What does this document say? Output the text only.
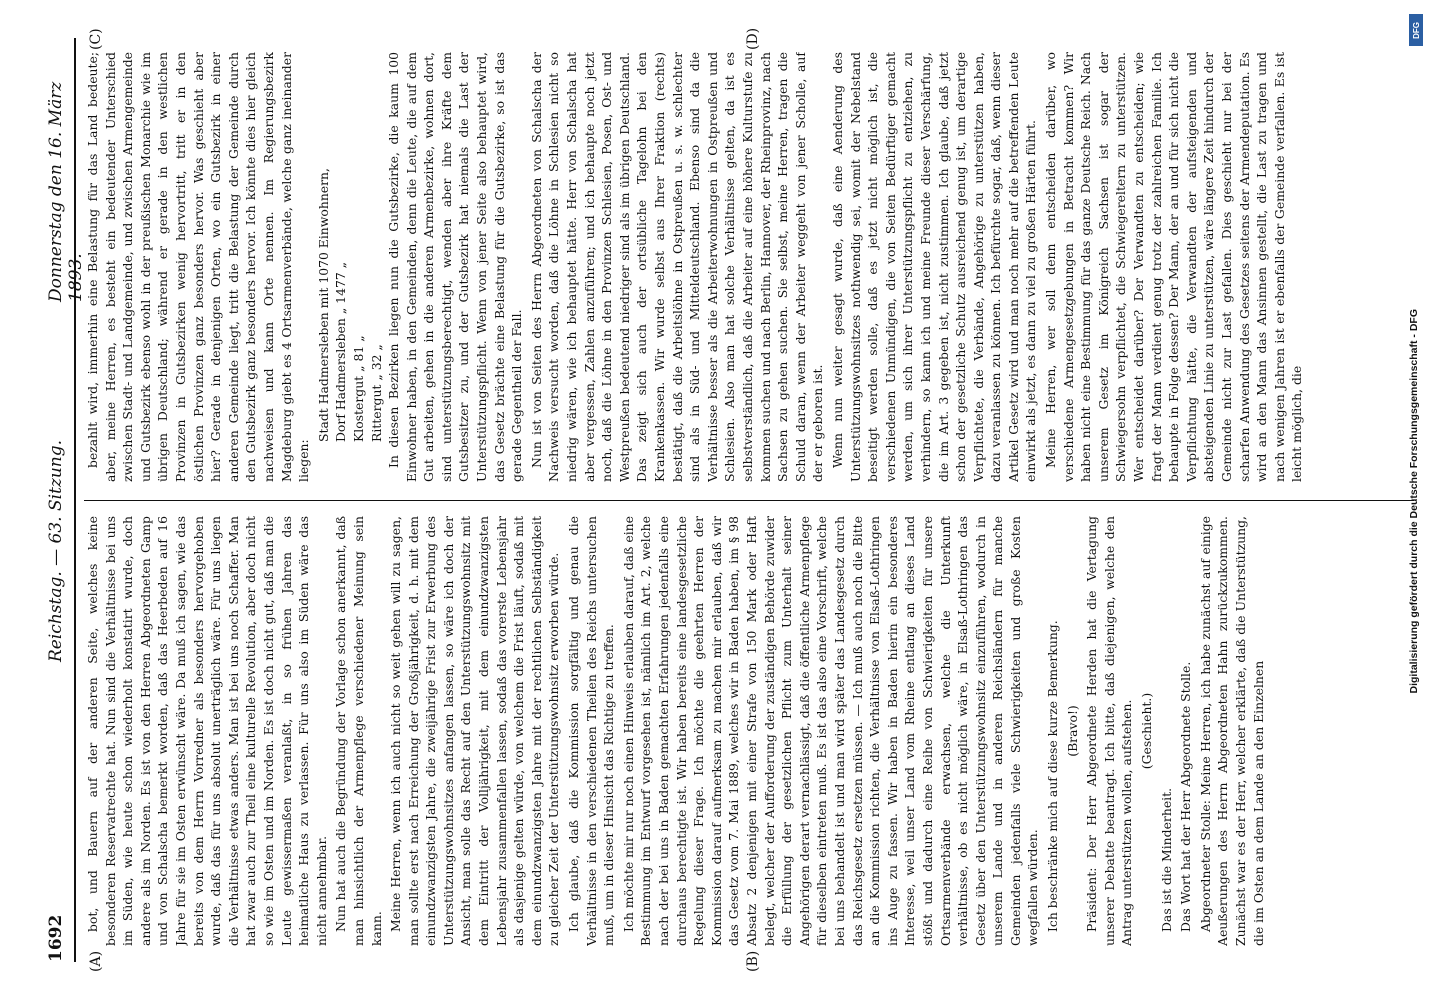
1692
Reichstag. — 63. Sitzung.
Donnerstag den 16. März 1893.
(A)	(B)
(C)	(D)

bot, und Bauern auf der anderen Seite, welches keine besonderen Reservatrechte hat. Nun sind die Verhältnisse bei uns im Süden, wie heute schon wiederholt konstatirt wurde, doch andere als im Norden. Es ist von den Herren Abgeordneten Gamp und von Schalscha bemerkt worden, daß das Heerbeden auf 16 Jahre für sie im Osten erwünscht wäre. Da muß ich sagen, wie das bereits von dem Herrn Vorredner als besonders hervorgehoben wurde, daß das für uns absolut unerträglich wäre. Für uns liegen die Verhältnisse etwas anders. Man ist bei uns noch Schaffer. Man hat zwar auch zur Theil eine kulturelle Revolution, aber doch nicht so wie im Osten und im Norden. Es ist doch nicht gut, daß man die Leute gewissermaßen veranlaßt, in so frühen Jahren das heimatliche Haus zu verlassen. Für uns also im Süden wäre das nicht annehmbar. Nun hat auch die Begründung der Vorlage schon anerkannt, daß man hinsichtlich der Armenpflege verschiedener Meinung sein kann. Meine Herren, wenn ich auch nicht so weit gehen will zu sagen, man sollte erst nach Erreichung der Großjährigkeit, d. h. mit dem einundzwanzigsten Jahre, die zweijährige Frist zur Erwerbung des Unterstützungswohnsitzes anfangen lassen, so wäre ich doch der Ansicht, man solle das Recht auf den Unterstützungswohnsitz mit dem Eintritt der Volljährigkeit, mit dem einundzwanzigsten Lebensjahr zusammenfallen lassen, sodaß das vorerste Lebensjahr als dasjenige gelten würde, von welchem die Frist läuft, sodaß mit dem einundzwanzigsten Jahre mit der rechtlichen Selbständigkeit zu gleicher Zeit der Unterstützungswohnsitz erworben würde. Ich glaube, daß die Kommission sorgfältig und genau die Verhältnisse in den verschiedenen Theilen des Reichs untersuchen muß, um in dieser Hinsicht das Richtige zu treffen. Ich möchte mir nur noch einen Hinweis erlauben darauf, daß eine Bestimmung im Entwurf vorgesehen ist, nämlich im Art. 2, welche nach der bei uns in Baden gemachten Erfahrungen jedenfalls eine durchaus berechtigte ist. Wir haben bereits eine landesgesetzliche Regelung dieser Frage. Ich möchte die geehrten Herren der Kommission darauf aufmerksam zu machen mir erlauben, daß wir das Gesetz vom 7. Mai 1889, welches wir in Baden haben, im § 98 Absatz 2 denjenigen mit einer Strafe von 150 Mark oder Haft belegt, welcher der Aufforderung der zuständigen Behörde zuwider die Erfüllung der gesetzlichen Pflicht zum Unterhalt seiner Angehörigen derart vernachlässigt, daß die öffentliche Armenpflege für dieselben eintreten muß. Es ist das also eine Vorschrift, welche bei uns behandelt ist und man wird später das Landesgesetz durch das Reichsgesetz ersetzen müssen. — Ich muß auch noch die Bitte an die Kommission richten, die Verhältnisse von Elsaß-Lothringen ins Auge zu fassen. Wir haben in Baden hierin ein besonderes Interesse, weil unser Land vom Rheine entlang an dieses Land stößt und dadurch eine Reihe von Schwierigkeiten für unsere Ortsarmenverbände erwachsen, welche die Unterkunft verhältnisse, ob es nicht möglich wäre, in Elsaß-Lothringen das Gesetz über den Unterstützungswohnsitz einzuführen, wodurch in unserem Lande und in anderen Reichsländern für manche Gemeinden jedenfalls viele Schwierigkeiten und große Kosten wegfallen würden. Ich beschränke mich auf diese kurze Bemerkung. (Bravo!) Präsident: Der Herr Abgeordnete Herden hat die Vertagung unserer Debatte beantragt. Ich bitte, daß diejenigen, welche den Antrag unterstützen wollen, aufstehen. (Geschieht.)

Das ist die Minderheit. Das Wort hat der Herr Abgeordnete Stolle. Abgeordneter Stolle: Meine Herren, ich habe zunächst auf einige Aeußerungen des Herrn Abgeordneten Hahn zurückzukommen. Zunächst war es der Herr, welcher erklärte, daß die Unterstützung, die im Osten an dem Lande an den Einzelnen

bezahlt wird, immerhin eine Belastung für das Land bedeute; aber, meine Herren, es besteht ein bedeutender Unterschied zwischen Stadt- und Landgemeinde, und zwischen Armengemeinde und Gutsbezirk ebenso wohl in der preußischen Monarchie wie im übrigen Deutschland; während er gerade in den westlichen Provinzen in Gutsbezirken wenig hervortritt, tritt er in den östlichen Provinzen ganz besonders hervor. Was geschieht aber hier? Gerade in denjenigen Orten, wo ein Gutsbezirk in einer anderen Gemeinde liegt, tritt die Belastung der Gemeinde durch den Gutsbezirk ganz besonders hervor. Ich könnte dies hier gleich nachweisen und kann Orte nennen. Im Regierungsbezirk Magdeburg giebt es 4 Ortsarmenverbände, welche ganz ineinander liegen:

Stadt Hadmersleben mit 1070 Einwohnern,
Dorf Hadmersleben „ 1477 „
Klostergut „ 81 „
Rittergut „ 32 „ In diesen Bezirken liegen nun die Gutsbezirke, die kaum 100 Einwohner haben, in den Gemeinden, denn die Leute, die auf dem Gut arbeiten, gehen in die anderen Armenbezirke, wohnen dort, sind unterstützungsberechtigt, wenden aber ihre Kräfte dem Gutsbesitzer zu, und der Gutsbezirk hat niemals die Last der Unterstützungspflicht. Wenn von jener Seite also behauptet wird, das Gesetz brächte eine Belastung für die Gutsbezirke, so ist das gerade Gegentheil der Fall. Nun ist von Seiten des Herrn Abgeordneten von Schalscha der Nachweis versucht worden, daß die Löhne in Schlesien nicht so niedrig wären, wie ich behauptet hätte. Herr von Schalscha hat aber vergessen, Zahlen anzuführen; und ich behaupte noch jetzt noch, daß die Löhne in den Provinzen Schlesien, Posen, Ost- und Westpreußen bedeutend niedriger sind als im übrigen Deutschland. Das zeigt sich auch der ortsübliche Tagelohn bei den Krankenkassen. Wir wurde selbst aus Ihrer Fraktion (rechts) bestätigt, daß die Arbeitslöhne in Ostpreußen u. s. w. schlechter sind als in Süd- und Mitteldeutschland. Ebenso sind da die Verhältnisse besser als die Arbeiterwohnungen in Ostpreußen und Schlesien. Also man hat solche Verhältnisse gelten, da ist es selbstverständlich, daß die Arbeiter auf eine höhere Kulturstufe zu kommen suchen und nach Berlin, Hannover, der Rheinprovinz, nach Sachsen zu gehen suchen. Sie selbst, meine Herren, tragen die Schuld daran, wenn der Arbeiter weggeht von jener Scholle, auf der er geboren ist. Wenn nun weiter gesagt wurde, daß eine Aenderung des Unterstützungswohnsitzes nothwendig sei, womit der Nebelstand beseitigt werden solle, daß es jetzt nicht möglich ist, die verschiedenen Unmündigen, die von Seiten Bedürftiger gemacht werden, um sich ihrer Unterstützungspflicht zu entziehen, zu verhindern, so kann ich und meine Freunde dieser Verschärfung, die im Art. 3 gegeben ist, nicht zustimmen. Ich glaube, daß jetzt schon der gesetzliche Schutz ausreichend genug ist, um derartige Verpflichtete, die Verbände, Angehörige zu unterstützen haben, dazu veranlassen zu können. Ich befürchte sogar, daß, wenn dieser Artikel Gesetz wird und man noch mehr auf die betreffenden Leute einwirkt als jetzt, es dann zu viel zu großen Härten führt. Meine Herren, wer soll denn entscheiden darüber, wo verschiedene Armengesetzgebungen in Betracht kommen? Wir haben nicht eine Bestimmung für das ganze Deutsche Reich. Nach unserem Gesetz im Königreich Sachsen ist sogar der Schwiegersohn verpflichtet, die Schwiegereltern zu unterstützen. Wer entscheidet darüber? Der Verwandten zu entscheiden; wie fragt der Mann verdient genug trotz der zahlreichen Familie. Ich behaupte in Folge dessen? Der Mann, der an und für sich nicht die Verpflichtung hätte, die Verwandten der aufsteigenden und absteigenden Linie zu unterstützen, wäre längere Zeit hindurch der Gemeinde nicht zur Last gefallen. Dies geschieht nur bei der scharfen Anwendung des Gesetzes seitens der Armendeputation. Es wird an den Mann das Ansinnen gestellt, die Last zu tragen und nach wenigen Jahren ist er ebenfalls der Gemeinde verfallen. Es ist leicht möglich, die

DFG
Digitalisierung gefördert durch die Deutsche Forschungsgemeinschaft - DFG
